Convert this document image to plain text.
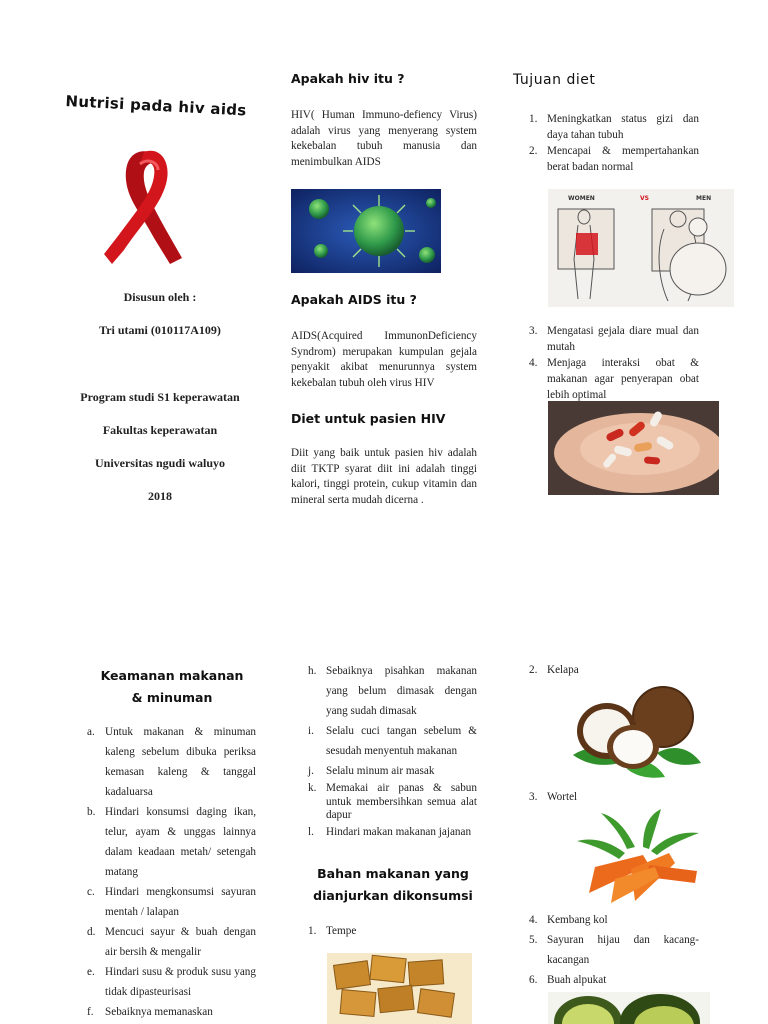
Nutrisi pada hiv aids
Disusun oleh :
Tri utami (010117A109)
Program studi S1 keperawatan
Fakultas keperawatan
Universitas ngudi waluyo
2018
Apakah hiv itu ?
HIV( Human Immuno-defiency Virus) adalah virus yang menyerang system kekebalan tubuh manusia dan menimbulkan AIDS
Apakah AIDS itu ?
AIDS(Acquired ImmunonDeficiency Syndrom) merupakan kumpulan gejala penyakit akibat menurunnya system kekebalan tubuh oleh virus HIV
Diet untuk pasien HIV
Diit yang baik untuk pasien hiv adalah diit TKTP syarat diit ini adalah tinggi kalori, tinggi protein, cukup vitamin dan mineral serta mudah dicerna .
Tujuan diet
1. Meningkatkan status gizi dan daya tahan tubuh
2. Mencapai & mempertahankan berat badan normal
WOMEN	VS	MEN
3. Mengatasi gejala diare mual dan mutah
4. Menjaga interaksi obat & makanan agar penyerapan obat lebih optimal
Keamanan makanan
& minuman
a. Untuk makanan & minuman kaleng sebelum dibuka periksa kemasan kaleng & tanggal kadaluarsa
b. Hindari konsumsi daging ikan, telur, ayam & unggas lainnya dalam keadaan metah/ setengah matang
c. Hindari mengkonsumsi sayuran mentah / lalapan
d. Mencuci sayur & buah dengan air bersih & mengalir
e. Hindari susu & produk susu yang tidak dipasteurisasi
f.	Sebaiknya memanaskan
h. Sebaiknya pisahkan makanan yang belum dimasak dengan yang sudah dimasak
i.	Selalu cuci tangan sebelum & sesudah menyentuh makanan
j.	Selalu minum air masak
k. Memakai air panas & sabun untuk membersihkan semua alat dapur
l.	Hindari makan makanan jajanan
Bahan makanan yang
dianjurkan dikonsumsi
1. Tempe
2. Kelapa
3. Wortel
4. Kembang kol
5. Sayuran hijau dan kacang-kacangan
6. Buah alpukat
